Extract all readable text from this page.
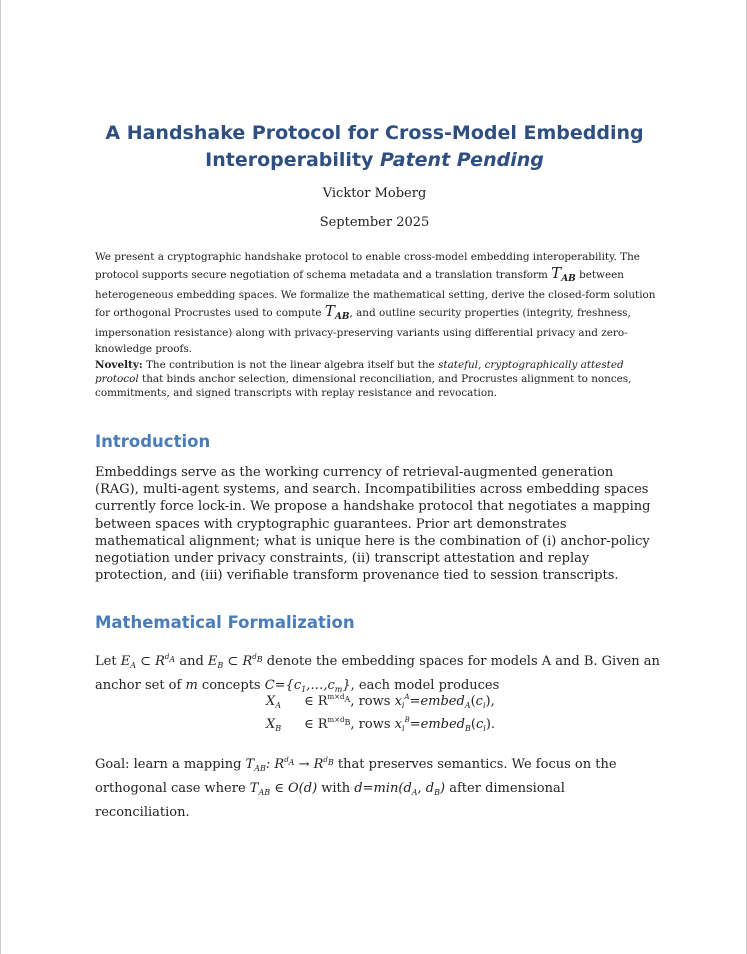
A Handshake Protocol for Cross-Model Embedding Interoperability Patent Pending
Vicktor Moberg
September 2025
We present a cryptographic handshake protocol to enable cross-model embedding interoperability. The protocol supports secure negotiation of schema metadata and a translation transform $T_{AB}$ between heterogeneous embedding spaces. We formalize the mathematical setting, derive the closed-form solution for orthogonal Procrustes used to compute $T_{AB}$, and outline security properties (integrity, freshness, impersonation resistance) along with privacy-preserving variants using differential privacy and zero-knowledge proofs.
Novelty: The contribution is not the linear algebra itself but the stateful, cryptographically attested protocol that binds anchor selection, dimensional reconciliation, and Procrustes alignment to nonces, commitments, and signed transcripts with replay resistance and revocation.
Introduction
Embeddings serve as the working currency of retrieval-augmented generation (RAG), multi-agent systems, and search. Incompatibilities across embedding spaces currently force lock-in. We propose a handshake protocol that negotiates a mapping between spaces with cryptographic guarantees. Prior art demonstrates mathematical alignment; what is unique here is the combination of (i) anchor-policy negotiation under privacy constraints, (ii) transcript attestation and replay protection, and (iii) verifiable transform provenance tied to session transcripts.
Mathematical Formalization
Let $E_A$ ⊂ $R^{d_A}$ and $E_B$ ⊂ $R^{d_B}$ denote the embedding spaces for models A and B. Given an anchor set of m concepts $C=\{c_1,\dots,c_m\}$, each model produces
$X_A$ ∈ $R^{m\times d_A}$, rows $x_i^A=embed_A(c_i)$,
$X_B$ ∈ $R^{m\times d_B}$, rows $x_i^B=embed_B(c_i)$.
Goal: learn a mapping $T_{AB}$: $R^{d_A} \to R^{d_B}$ that preserves semantics. We focus on the orthogonal case where $T_{AB}$ ∈ O(d) with $d=\min(d_A$, $d_B$) after dimensional reconciliation.
